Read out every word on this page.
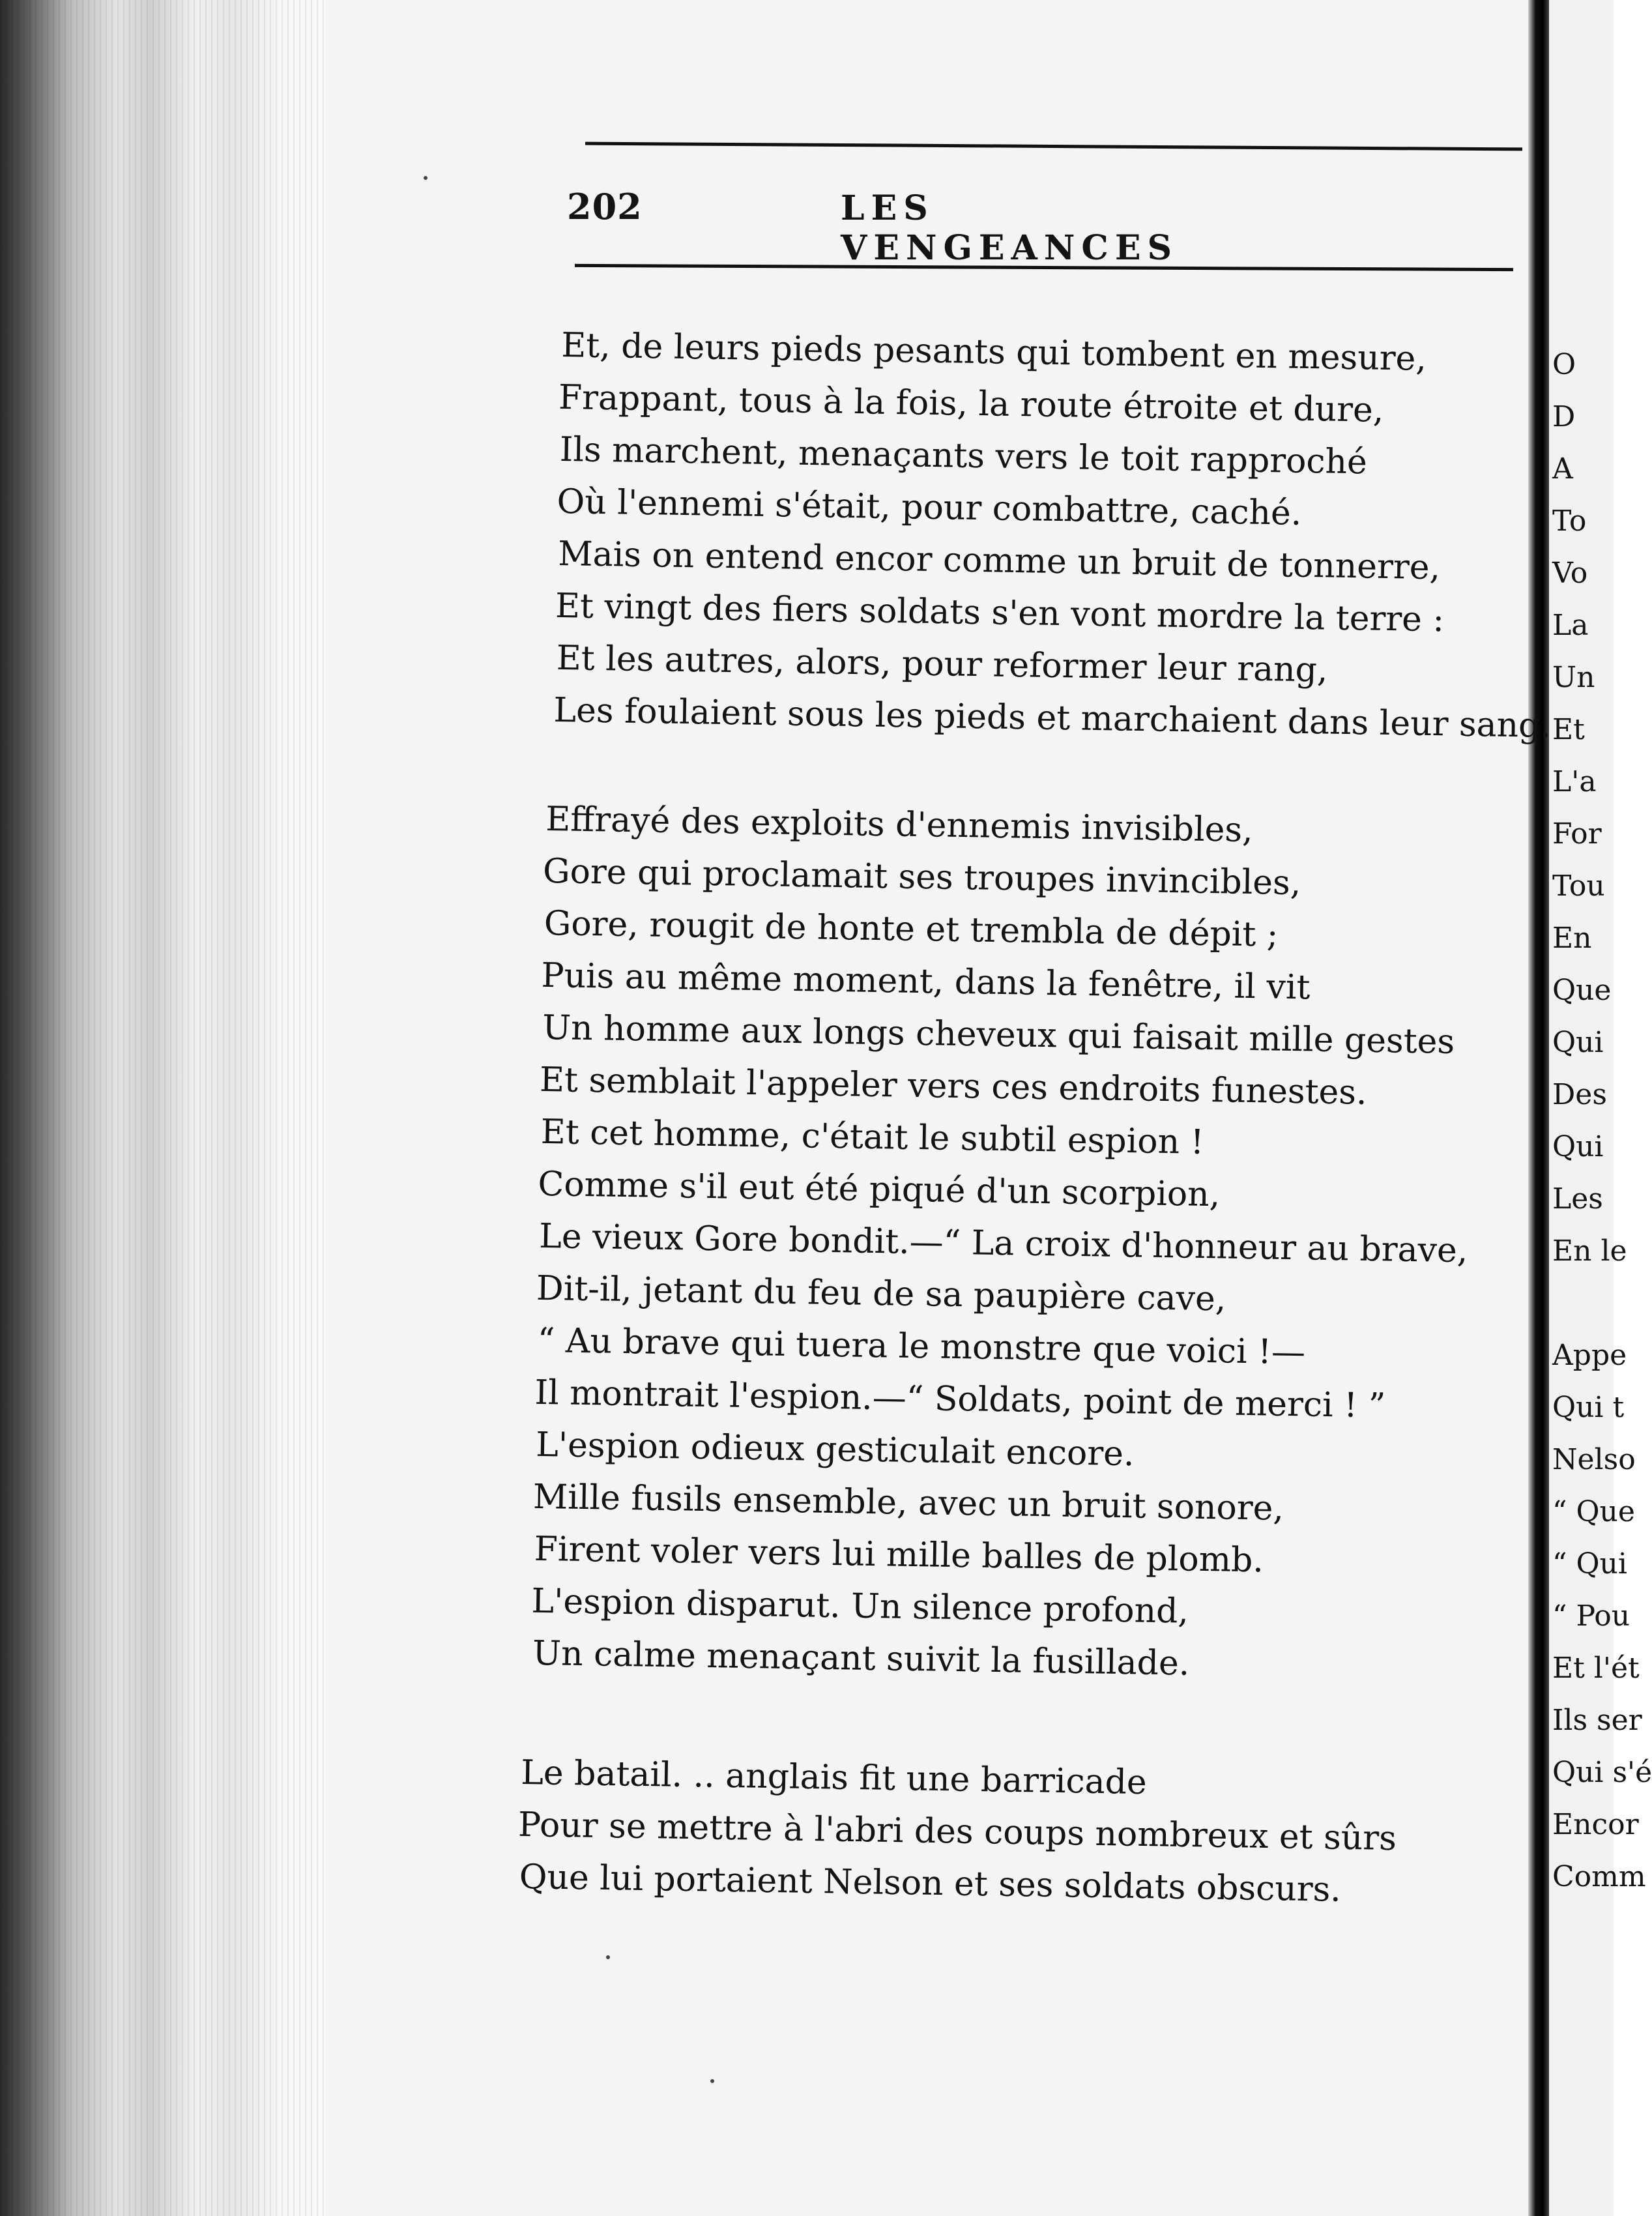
202	LES VENGEANCES
Et, de leurs pieds pesants qui tombent en mesure,
Frappant, tous à la fois, la route étroite et dure,
Ils marchent, menaçants vers le toit rapproché
Où l'ennemi s'était, pour combattre, caché.
Mais on entend encor comme un bruit de tonnerre,
Et vingt des fiers soldats s'en vont mordre la terre :
Et les autres, alors, pour reformer leur rang,
Les foulaient sous les pieds et marchaient dans leur sang.
Effrayé des exploits d'ennemis invisibles,
Gore qui proclamait ses troupes invincibles,
Gore, rougit de honte et trembla de dépit ;
Puis au même moment, dans la fenêtre, il vit
Un homme aux longs cheveux qui faisait mille gestes
Et semblait l'appeler vers ces endroits funestes.
Et cet homme, c'était le subtil espion !
Comme s'il eut été piqué d'un scorpion,
Le vieux Gore bondit.—“ La croix d'honneur au brave,
Dit-il, jetant du feu de sa paupière cave,
“ Au brave qui tuera le monstre que voici !—
Il montrait l'espion.—“ Soldats, point de merci ! ”
L'espion odieux gesticulait encore.
Mille fusils ensemble, avec un bruit sonore,
Firent voler vers lui mille balles de plomb.
L'espion disparut. Un silence profond,
Un calme menaçant suivit la fusillade.
Le batail. .. anglais fit une barricade
Pour se mettre à l'abri des coups nombreux et sûrs
Que lui portaient Nelson et ses soldats obscurs.
O
D
A
To
Vo
La
Un
Et
L'a
For
Tou
En
Que
Qui
Des
Qui
Les
En le

Appe
Qui t
Nelso
“ Que
“ Qui
“ Pou
Et l'ét
Ils ser
Qui s'é
Encor
Comm
